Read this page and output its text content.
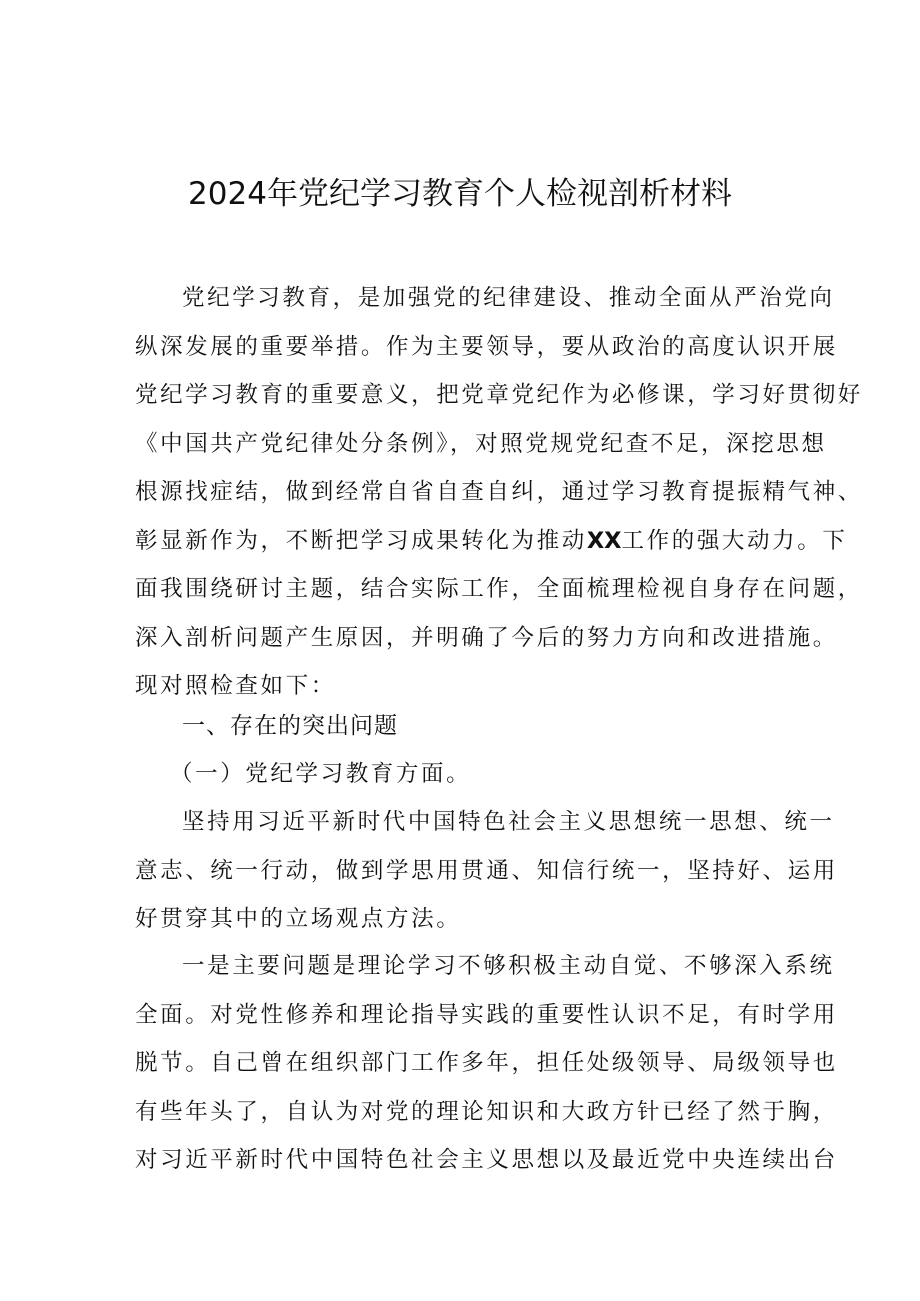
2024年党纪学习教育个人检视剖析材料
党纪学习教育，是加强党的纪律建设、推动全面从严治党向
纵深发展的重要举措。作为主要领导，要从政治的高度认识开展
党纪学习教育的重要意义，把党章党纪作为必修课，学习好贯彻好
《中国共产党纪律处分条例》，对照党规党纪查不足，深挖思想
根源找症结，做到经常自省自查自纠，通过学习教育提振精气神、
彰显新作为，不断把学习成果转化为推动XX工作的强大动力。下
面我围绕研讨主题，结合实际工作，全面梳理检视自身存在问题，
深入剖析问题产生原因，并明确了今后的努力方向和改进措施。
现对照检查如下：
一、存在的突出问题
（一）党纪学习教育方面。
坚持用习近平新时代中国特色社会主义思想统一思想、统一
意志、统一行动，做到学思用贯通、知信行统一，坚持好、运用
好贯穿其中的立场观点方法。
一是主要问题是理论学习不够积极主动自觉、不够深入系统
全面。对党性修养和理论指导实践的重要性认识不足，有时学用
脱节。自己曾在组织部门工作多年，担任处级领导、局级领导也
有些年头了，自认为对党的理论知识和大政方针已经了然于胸，
对习近平新时代中国特色社会主义思想以及最近党中央连续出台
